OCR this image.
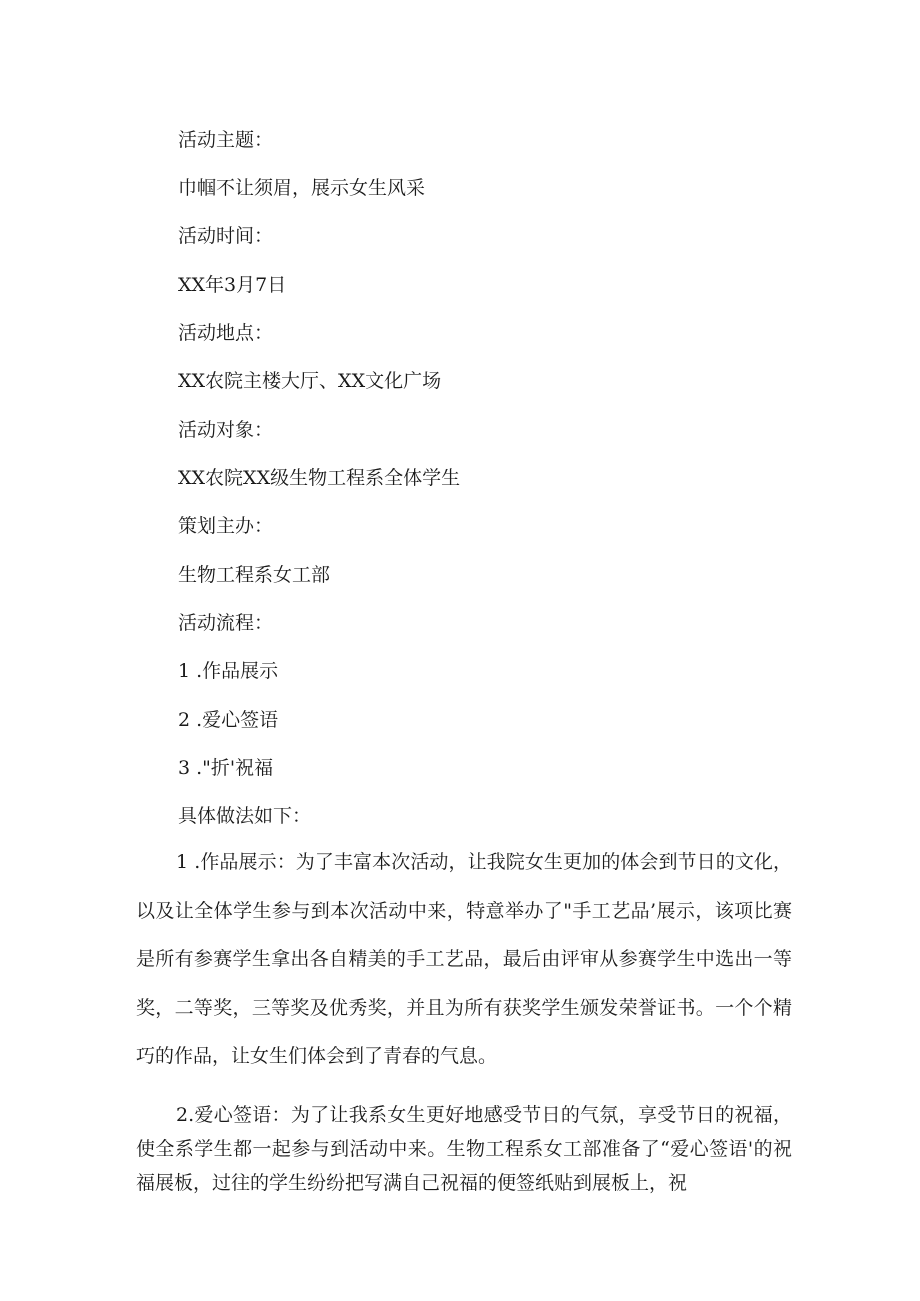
活动主题：
巾帼不让须眉，展示女生风采
活动时间：
XX年3月7日
活动地点：
XX农院主楼大厅、XX文化广场
活动对象：
XX农院XX级生物工程系全体学生
策划主办：
生物工程系女工部
活动流程：
1 .作品展示
2 .爱心签语
3 ."折'祝福
具体做法如下：

1 .作品展示：为了丰富本次活动，让我院女生更加的体会到节日的文化，以及让全体学生参与到本次活动中来，特意举办了"手工艺品’展示，该项比赛是所有参赛学生拿出各自精美的手工艺品，最后由评审从参赛学生中选出一等奖，二等奖，三等奖及优秀奖，并且为所有获奖学生颁发荣誉证书。一个个精巧的作品，让女生们体会到了青春的气息。

2.爱心签语：为了让我系女生更好地感受节日的气氛，享受节日的祝福，使全系学生都一起参与到活动中来。生物工程系女工部准备了“爱心签语'的祝福展板，过往的学生纷纷把写满自己祝福的便签纸贴到展板上，祝
